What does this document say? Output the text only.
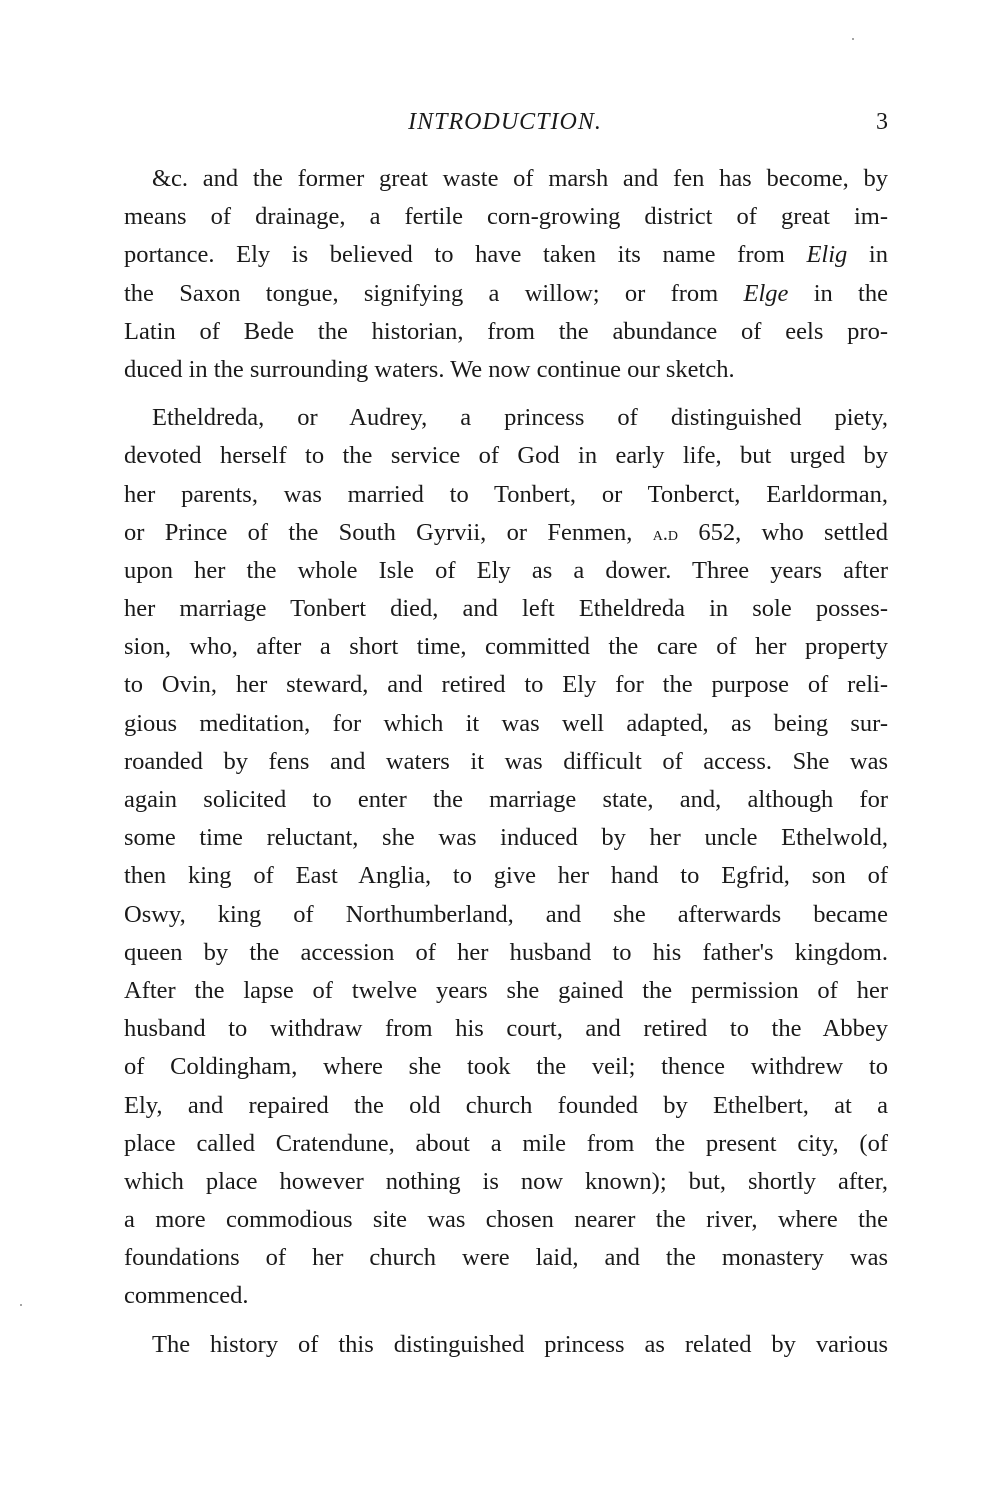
INTRODUCTION.	3
&c. and the former great waste of marsh and fen has become, by
means of drainage, a fertile corn-growing district of great im-
portance. Ely is believed to have taken its name from Elig in
the Saxon tongue, signifying a willow; or from Elge in the
Latin of Bede the historian, from the abundance of eels pro-
duced in the surrounding waters. We now continue our sketch.
Etheldreda, or Audrey, a princess of distinguished piety,
devoted herself to the service of God in early life, but urged by
her parents, was married to Tonbert, or Tonberct, Earldorman,
or Prince of the South Gyrvii, or Fenmen, a.d 652, who settled
upon her the whole Isle of Ely as a dower. Three years after
her marriage Tonbert died, and left Etheldreda in sole posses-
sion, who, after a short time, committed the care of her property
to Ovin, her steward, and retired to Ely for the purpose of reli-
gious meditation, for which it was well adapted, as being sur-
roanded by fens and waters it was difficult of access. She was
again solicited to enter the marriage state, and, although for
some time reluctant, she was induced by her uncle Ethelwold,
then king of East Anglia, to give her hand to Egfrid, son of
Oswy, king of Northumberland, and she afterwards became
queen by the accession of her husband to his father's kingdom.
After the lapse of twelve years she gained the permission of her
husband to withdraw from his court, and retired to the Abbey
of Coldingham, where she took the veil; thence withdrew to
Ely, and repaired the old church founded by Ethelbert, at a
place called Cratendune, about a mile from the present city, (of
which place however nothing is now known); but, shortly after,
a more commodious site was chosen nearer the river, where the
foundations of her church were laid, and the monastery was
commenced.
The history of this distinguished princess as related by various
